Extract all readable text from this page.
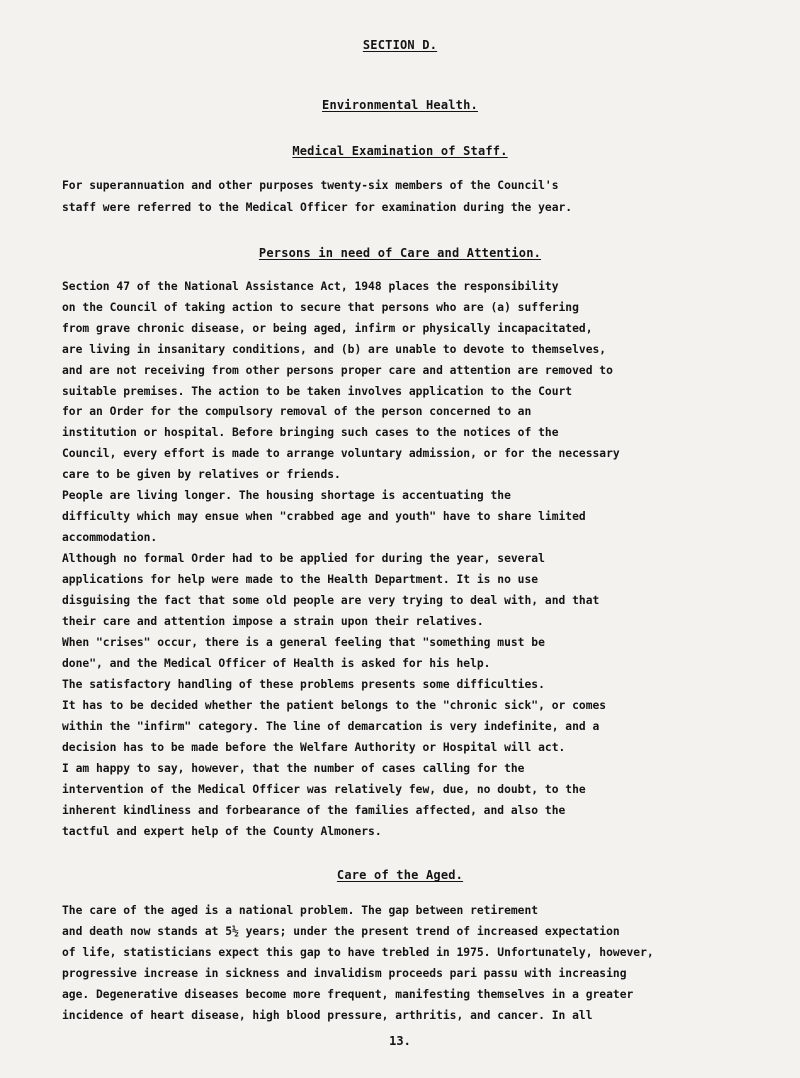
SECTION D.
Environmental Health.
Medical Examination of Staff.
For superannuation and other purposes twenty-six members of the Council's
staff were referred to the Medical Officer for examination during the year.
Persons in need of Care and Attention.
Section 47 of the National Assistance Act, 1948 places the responsibility
on the Council of taking action to secure that persons who are (a) suffering
from grave chronic disease, or being aged, infirm or physically incapacitated,
are living in insanitary conditions, and (b) are unable to devote to themselves,
and are not receiving from other persons proper care and attention are removed to
suitable premises. The action to be taken involves application to the Court
for an Order for the compulsory removal of the person concerned to an
institution or hospital. Before bringing such cases to the notices of the
Council, every effort is made to arrange voluntary admission, or for the necessary
care to be given by relatives or friends.
People are living longer. The housing shortage is accentuating the
difficulty which may ensue when "crabbed age and youth" have to share limited
accommodation.
Although no formal Order had to be applied for during the year, several
applications for help were made to the Health Department. It is no use
disguising the fact that some old people are very trying to deal with, and that
their care and attention impose a strain upon their relatives.
When "crises" occur, there is a general feeling that "something must be
done", and the Medical Officer of Health is asked for his help.
The satisfactory handling of these problems presents some difficulties.
It has to be decided whether the patient belongs to the "chronic sick", or comes
within the "infirm" category. The line of demarcation is very indefinite, and a
decision has to be made before the Welfare Authority or Hospital will act.
I am happy to say, however, that the number of cases calling for the
intervention of the Medical Officer was relatively few, due, no doubt, to the
inherent kindliness and forbearance of the families affected, and also the
tactful and expert help of the County Almoners.
Care of the Aged.
The care of the aged is a national problem. The gap between retirement
and death now stands at 5½ years; under the present trend of increased expectation
of life, statisticians expect this gap to have trebled in 1975. Unfortunately, however,
progressive increase in sickness and invalidism proceeds pari passu with increasing
age. Degenerative diseases become more frequent, manifesting themselves in a greater
incidence of heart disease, high blood pressure, arthritis, and cancer. In all
13.
